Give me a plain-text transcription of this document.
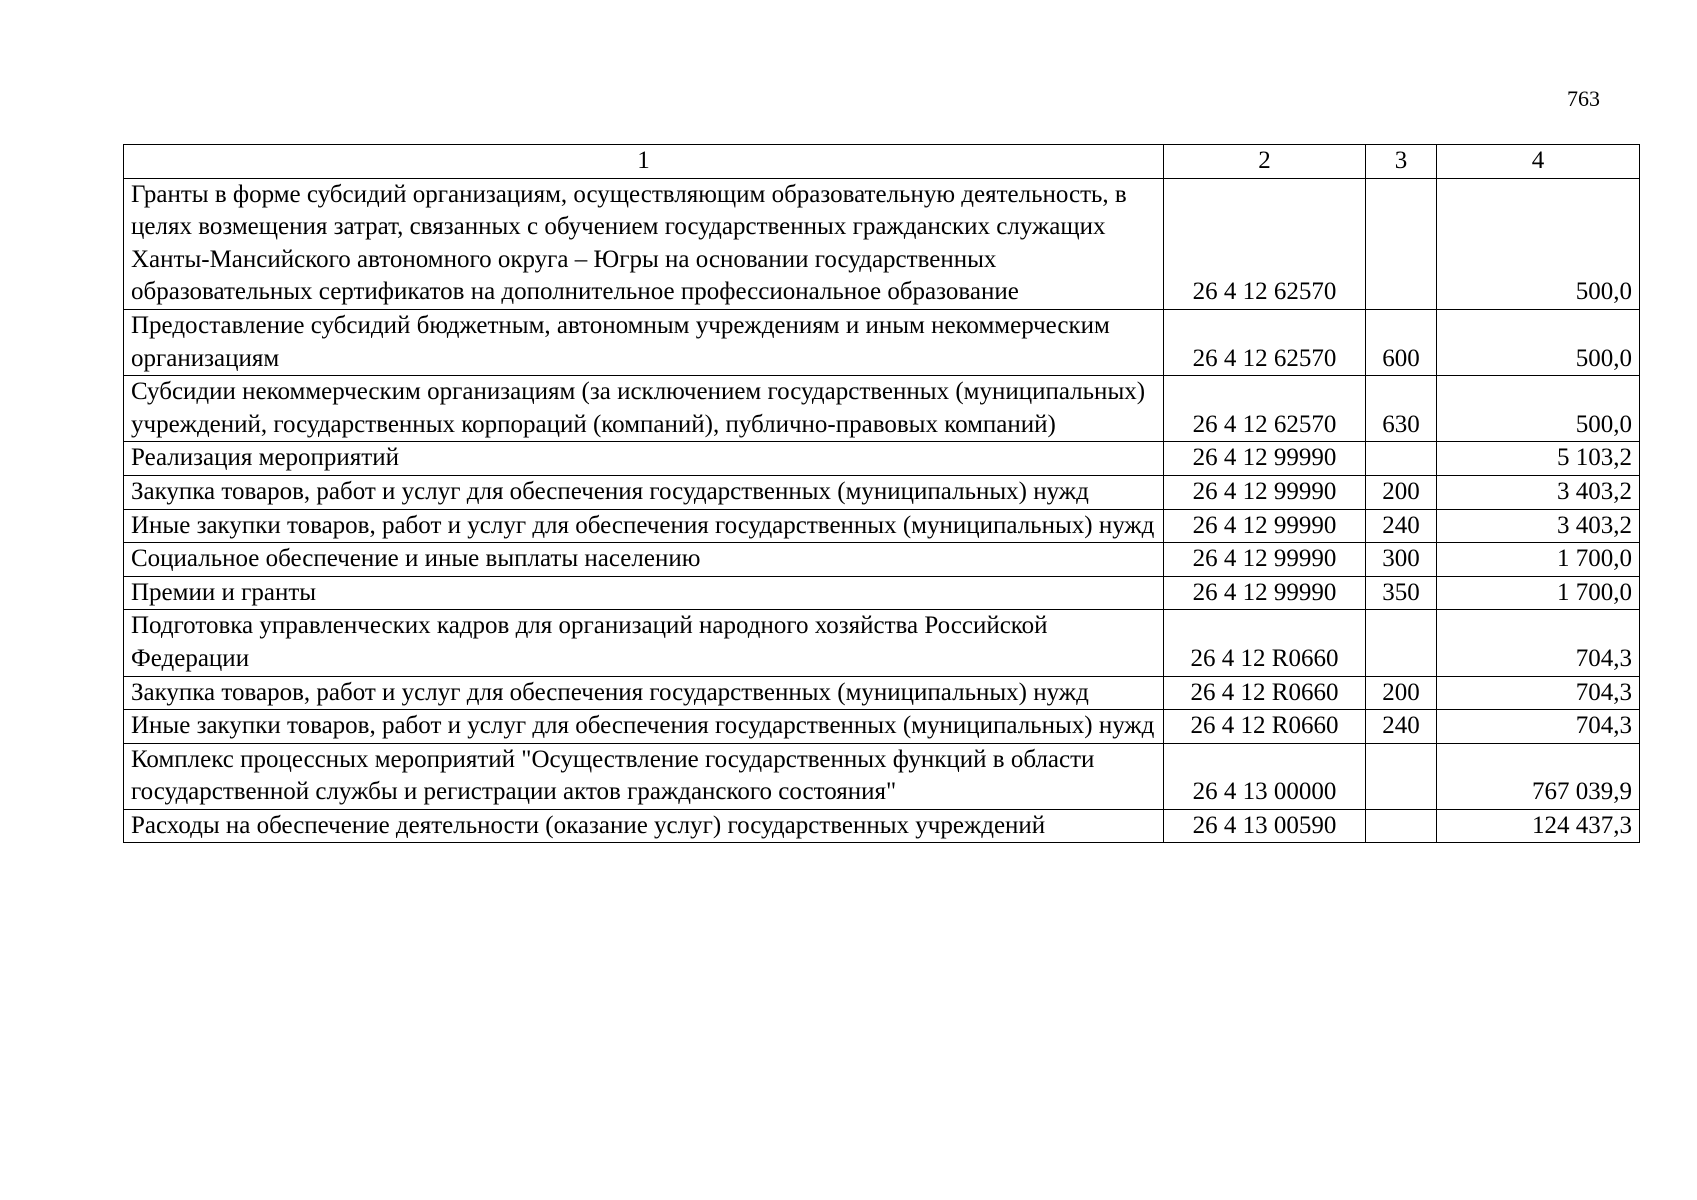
763
1	2	3	4
Гранты в форме субсидий организациям, осуществляющим образовательную деятельность, в целях возмещения затрат, связанных с обучением государственных гражданских служащих Ханты-Мансийского автономного округа – Югры на основании государственных образовательных сертификатов на дополнительное профессиональное образование	26 4 12 62570		500,0
Предоставление субсидий бюджетным, автономным учреждениям и иным некоммерческим организациям	26 4 12 62570	600	500,0
Субсидии некоммерческим организациям (за исключением государственных (муниципальных) учреждений, государственных корпораций (компаний), публично-правовых компаний)	26 4 12 62570	630	500,0
Реализация мероприятий	26 4 12 99990		5 103,2
Закупка товаров, работ и услуг для обеспечения государственных (муниципальных) нужд	26 4 12 99990	200	3 403,2
Иные закупки товаров, работ и услуг для обеспечения государственных (муниципальных) нужд	26 4 12 99990	240	3 403,2
Социальное обеспечение и иные выплаты населению	26 4 12 99990	300	1 700,0
Премии и гранты	26 4 12 99990	350	1 700,0
Подготовка управленческих кадров для организаций народного хозяйства Российской Федерации	26 4 12 R0660		704,3
Закупка товаров, работ и услуг для обеспечения государственных (муниципальных) нужд	26 4 12 R0660	200	704,3
Иные закупки товаров, работ и услуг для обеспечения государственных (муниципальных) нужд	26 4 12 R0660	240	704,3
Комплекс процессных мероприятий "Осуществление государственных функций в области государственной службы и регистрации актов гражданского состояния"	26 4 13 00000		767 039,9
Расходы на обеспечение деятельности (оказание услуг) государственных учреждений	26 4 13 00590		124 437,3
